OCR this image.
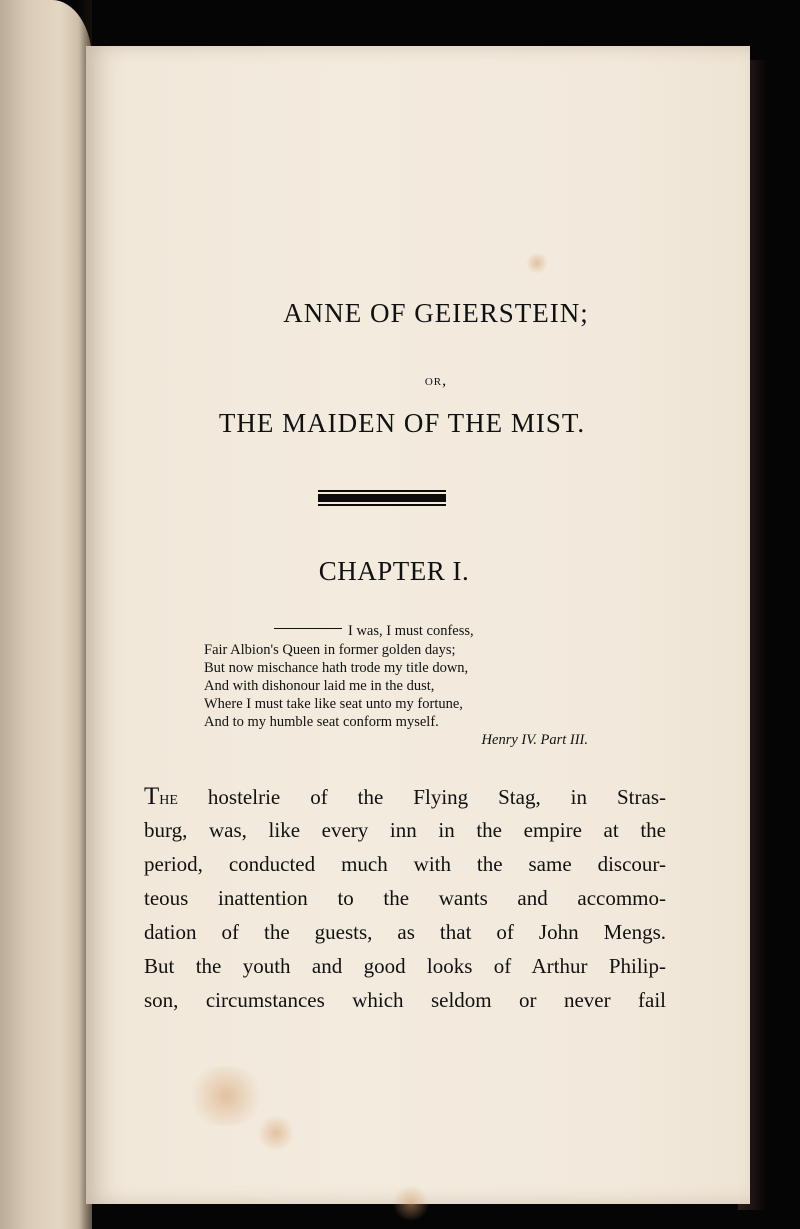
ANNE OF GEIERSTEIN;
or,
THE MAIDEN OF THE MIST.
CHAPTER I.
I was, I must confess,
Fair Albion's Queen in former golden days;
But now mischance hath trode my title down,
And with dishonour laid me in the dust,
Where I must take like seat unto my fortune,
And to my humble seat conform myself.
Henry IV. Part III.
The hostelrie of the Flying Stag, in Stras-
burg, was, like every inn in the empire at the
period, conducted much with the same discour-
teous inattention to the wants and accommo-
dation of the guests, as that of John Mengs.
But the youth and good looks of Arthur Philip-
son, circumstances which seldom or never fail
